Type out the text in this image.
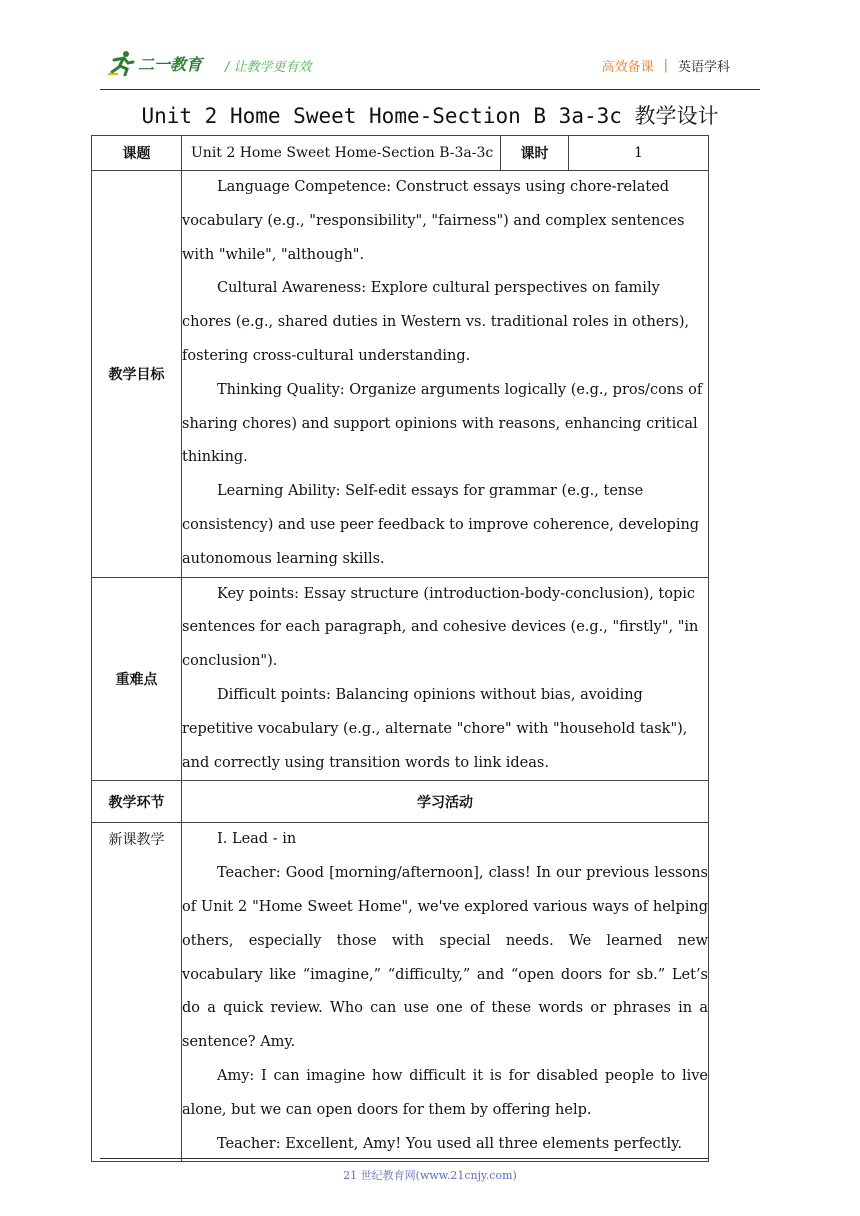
二一教育 / 让教学更有效	高效备课 | 英语学科
Unit 2 Home Sweet Home-Section B 3a-3c 教学设计
课题	Unit 2 Home Sweet Home-Section B-3a-3c	课时	1
教学目标	Language Competence: Construct essays using chore-related vocabulary (e.g., "responsibility", "fairness") and complex sentences with "while", "although".

Cultural Awareness: Explore cultural perspectives on family chores (e.g., shared duties in Western vs. traditional roles in others), fostering cross-cultural understanding.

Thinking Quality: Organize arguments logically (e.g., pros/cons of sharing chores) and support opinions with reasons, enhancing critical thinking.

Learning Ability: Self-edit essays for grammar (e.g., tense consistency) and use peer feedback to improve coherence, developing autonomous learning skills.		

重难点	Key points: Essay structure (introduction-body-conclusion), topic sentences for each paragraph, and cohesive devices (e.g., "firstly", "in conclusion").

Difficult points: Balancing opinions without bias, avoiding repetitive vocabulary (e.g., alternate "chore" with "household task"), and correctly using transition words to link ideas.		

教学环节	学习活动		
新课教学	I. Lead - in

Teacher: Good [morning/afternoon], class! In our previous lessons of Unit 2 "Home Sweet Home", we've explored various ways of helping others, especially those with special needs. We learned new vocabulary like “imagine,” “difficulty,” and “open doors for sb.” Let’s do a quick review. Who can use one of these words or phrases in a sentence? Amy.

Amy: I can imagine how difficult it is for disabled people to live alone, but we can open doors for them by offering help.

Teacher: Excellent, Amy! You used all three elements perfectly.		

21 世纪教育网(www.21cnjy.com)
